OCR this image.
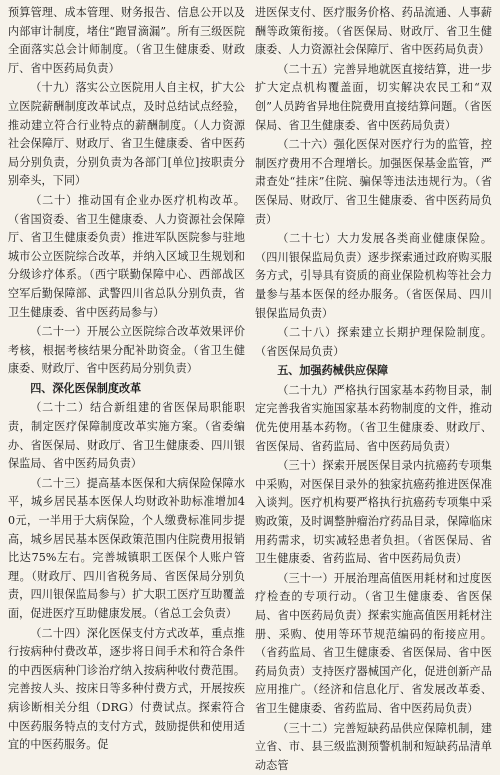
预算管理、成本管理、财务报告、信息公开以及内部审计制度，堵住“跑冒滴漏”。所有三级医院全面落实总会计师制度。（省卫生健康委、财政厅、省中医药局负责）

（十九）落实公立医院用人自主权，扩大公立医院薪酬制度改革试点，及时总结试点经验，推动建立符合行业特点的薪酬制度。（人力资源社会保障厅、财政厅、省卫生健康委、省中医药局分别负责，分别负责为各部门[单位]按职责分别牵头，下同）

（二十）推动国有企业办医疗机构改革。（省国资委、省卫生健康委、人力资源社会保障厅、省卫生健康委负责）推进军队医院参与驻地城市公立医院综合改革，并纳入区域卫生规划和分级诊疗体系。（西宁联勤保障中心、西部战区空军后勤保障部、武警四川省总队分别负责，省卫生健康委、省中医药局参与）

（二十一）开展公立医院综合改革效果评价考核，根据考核结果分配补助资金。（省卫生健康委、财政厅、省中医药局分别负责）

四、深化医保制度改革

（二十二）结合新组建的省医保局职能职责，制定医疗保障制度改革实施方案。（省委编办、省医保局、财政厅、省卫生健康委、四川银保监局、省中医药局负责）

（二十三）提高基本医保和大病保险保障水平，城乡居民基本医保人均财政补助标准增加40元，一半用于大病保险，个人缴费标准同步提高，城乡居民基本医保政策范围内住院费用报销比达75%左右。完善城镇职工医保个人账户管理。（财政厅、四川省税务局、省医保局分别负责，四川银保监局参与）扩大职工医疗互助覆盖面，促进医疗互助健康发展。（省总工会负责）

（二十四）深化医保支付方式改革，重点推行按病种付费改革，逐步将日间手术和符合条件的中西医病种门诊治疗纳入按病种收付费范围。完善按人头、按床日等多种付费方式，开展按疾病诊断相关分组（DRG）付费试点。探索符合中医药服务特点的支付方式，鼓励提供和使用适宜的中医药服务。促

进医保支付、医疗服务价格、药品流通、人事薪酬等政策衔接。（省医保局、财政厅、省卫生健康委、人力资源社会保障厅、省中医药局负责）

（二十五）完善异地就医直接结算，进一步扩大定点机构覆盖面，切实解决农民工和“双创”人员跨省异地住院费用直接结算问题。（省医保局、省卫生健康委、省中医药局负责）

（二十六）强化医保对医疗行为的监管，控制医疗费用不合理增长。加强医保基金监管，严肃查处“挂床”住院、骗保等违法违规行为。（省医保局、财政厅、省卫生健康委、省中医药局负责）

（二十七）大力发展各类商业健康保险。（四川银保监局负责）逐步探索通过政府购买服务方式，引导具有资质的商业保险机构等社会力量参与基本医保的经办服务。（省医保局、四川银保监局负责）

（二十八）探索建立长期护理保险制度。（省医保局负责）

五、加强药械供应保障

（二十九）严格执行国家基本药物目录，制定完善我省实施国家基本药物制度的文件，推动优先使用基本药物。（省卫生健康委、财政厅、省医保局、省药监局、省中医药局负责）

（三十）探索开展医保目录内抗癌药专项集中采购，对医保目录外的独家抗癌药推进医保准入谈判。医疗机构要严格执行抗癌药专项集中采购政策，及时调整肿瘤治疗药品目录，保障临床用药需求，切实减轻患者负担。（省医保局、省卫生健康委、省药监局、省中医药局负责）

（三十一）开展治理高值医用耗材和过度医疗检查的专项行动。（省卫生健康委、省医保局、省中医药局负责）探索实施高值医用耗材注册、采购、使用等环节规范编码的衔接应用。（省药监局、省卫生健康委、省医保局、省中医药局负责）支持医疗器械国产化，促进创新产品应用推广。（经济和信息化厅、省发展改革委、省卫生健康委、省药监局、省中医药局负责）

（三十二）完善短缺药品供应保障机制，建立省、市、县三级监测预警机制和短缺药品清单动态管
